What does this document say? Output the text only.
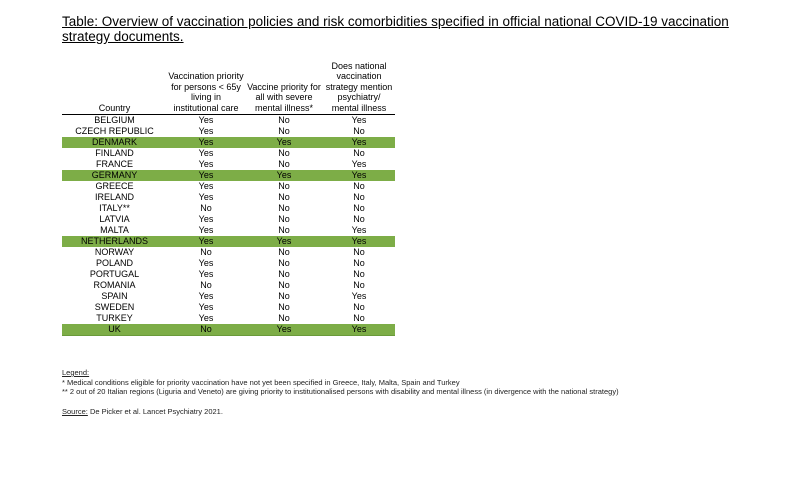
Table: Overview of vaccination policies and risk comorbidities specified in official national COVID-19 vaccination strategy documents.
Country	Vaccination priority for persons < 65y living in institutional care	Vaccine priority for all with severe mental illness*	Does national vaccination strategy mention psychiatry/ mental illness
BELGIUM	Yes	No	Yes
CZECH REPUBLIC	Yes	No	No
DENMARK	Yes	Yes	Yes
FINLAND	Yes	No	No
FRANCE	Yes	No	Yes
GERMANY	Yes	Yes	Yes
GREECE	Yes	No	No
IRELAND	Yes	No	No
ITALY**	No	No	No
LATVIA	Yes	No	No
MALTA	Yes	No	Yes
NETHERLANDS	Yes	Yes	Yes
NORWAY	No	No	No
POLAND	Yes	No	No
PORTUGAL	Yes	No	No
ROMANIA	No	No	No
SPAIN	Yes	No	Yes
SWEDEN	Yes	No	No
TURKEY	Yes	No	No
UK	No	Yes	Yes
Legend:
* Medical conditions eligible for priority vaccination have not yet been specified in Greece, Italy, Malta, Spain and Turkey
** 2 out of 20 Italian regions (Liguria and Veneto) are giving priority to institutionalised persons with disability and mental illness (in divergence with the national strategy)
Source: De Picker et al. Lancet Psychiatry 2021.
